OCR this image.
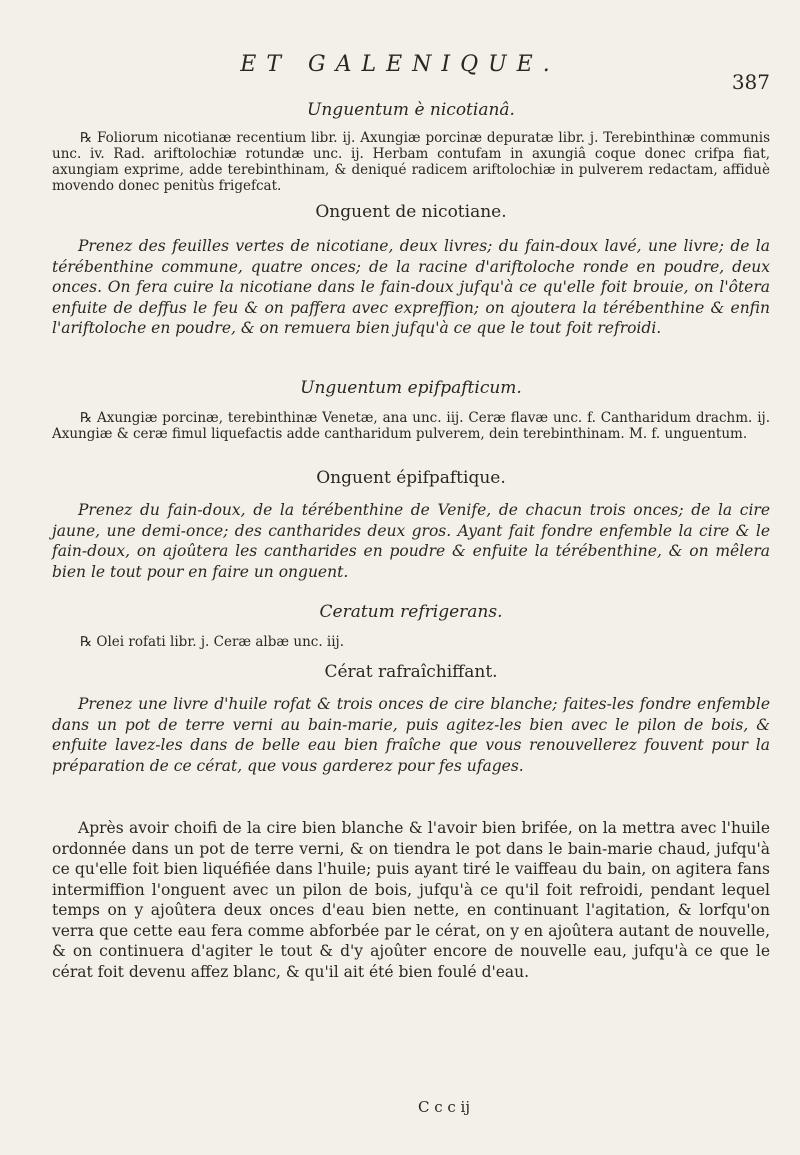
ET GALENIQUE.
387
Unguentum è nicotianâ.
℞ Foliorum nicotianæ recentium libr. ij. Axungiæ porcinæ depuratæ libr. j. Terebinthinæ communis unc. iv. Rad. ariftolochiæ rotundæ unc. ij. Herbam contufam in axungiâ coque donec crifpa fiat, axungiam exprime, adde terebinthinam, & deniqué radicem ariftolochiæ in pulverem redactam, affiduè movendo donec penitùs frigefcat.
Onguent de nicotiane.
Prenez des feuilles vertes de nicotiane, deux livres; du fain-doux lavé, une livre; de la térébenthine commune, quatre onces; de la racine d'ariftoloche ronde en poudre, deux onces. On fera cuire la nicotiane dans le fain-doux jufqu'à ce qu'elle foit brouie, on l'ôtera enfuite de deffus le feu & on paffera avec expreffion; on ajoutera la térébenthine & enfin l'ariftoloche en poudre, & on remuera bien jufqu'à ce que le tout foit refroidi.
Unguentum epifpafticum.
℞ Axungiæ porcinæ, terebinthinæ Venetæ, ana unc. iij. Ceræ flavæ unc. f. Cantharidum drachm. ij. Axungiæ & ceræ fimul liquefactis adde cantharidum pulverem, dein terebinthinam. M. f. unguentum.
Onguent épifpaftique.
Prenez du fain-doux, de la térébenthine de Venife, de chacun trois onces; de la cire jaune, une demi-once; des cantharides deux gros. Ayant fait fondre enfemble la cire & le fain-doux, on ajoûtera les cantharides en poudre & enfuite la térébenthine, & on mêlera bien le tout pour en faire un onguent.
Ceratum refrigerans.
℞ Olei rofati libr. j. Ceræ albæ unc. iij.
Cérat rafraîchiffant.
Prenez une livre d'huile rofat & trois onces de cire blanche; faites-les fondre enfemble dans un pot de terre verni au bain-marie, puis agitez-les bien avec le pilon de bois, & enfuite lavez-les dans de belle eau bien fraîche que vous renouvellerez fouvent pour la préparation de ce cérat, que vous garderez pour fes ufages.
Après avoir choifi de la cire bien blanche & l'avoir bien brifée, on la mettra avec l'huile ordonnée dans un pot de terre verni, & on tiendra le pot dans le bain-marie chaud, jufqu'à ce qu'elle foit bien liquéfiée dans l'huile; puis ayant tiré le vaiffeau du bain, on agitera fans intermiffion l'onguent avec un pilon de bois, jufqu'à ce qu'il foit refroidi, pendant lequel temps on y ajoûtera deux onces d'eau bien nette, en continuant l'agitation, & lorfqu'on verra que cette eau fera comme abforbée par le cérat, on y en ajoûtera autant de nouvelle, & on continuera d'agiter le tout & d'y ajoûter encore de nouvelle eau, jufqu'à ce que le cérat foit devenu affez blanc, & qu'il ait été bien foulé d'eau.
C c c ij
